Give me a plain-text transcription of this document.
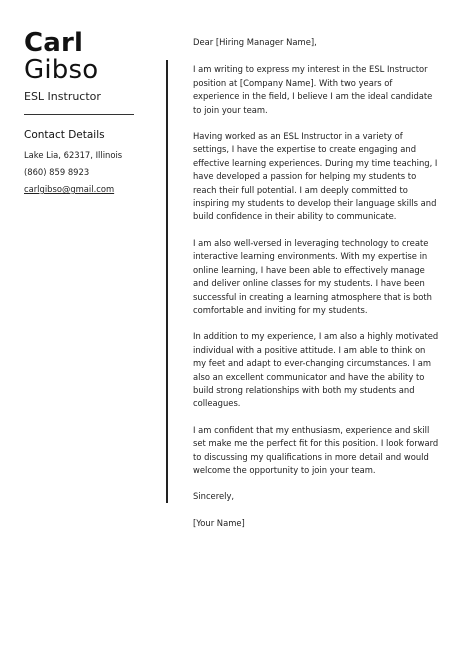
Carl
Gibso
ESL Instructor
Contact Details
Lake Lia, 62317, Illinois
(860) 859 8923
carlgibso@gmail.com

Dear [Hiring Manager Name],

I am writing to express my interest in the ESL Instructor position at [Company Name]. With two years of experience in the field, I believe I am the ideal candidate to join your team.

Having worked as an ESL Instructor in a variety of settings, I have the expertise to create engaging and effective learning experiences. During my time teaching, I have developed a passion for helping my students to reach their full potential. I am deeply committed to inspiring my students to develop their language skills and build confidence in their ability to communicate.

I am also well-versed in leveraging technology to create interactive learning environments. With my expertise in online learning, I have been able to effectively manage and deliver online classes for my students. I have been successful in creating a learning atmosphere that is both comfortable and inviting for my students.

In addition to my experience, I am also a highly motivated individual with a positive attitude. I am able to think on my feet and adapt to ever-changing circumstances. I am also an excellent communicator and have the ability to build strong relationships with both my students and colleagues.

I am confident that my enthusiasm, experience and skill set make me the perfect fit for this position. I look forward to discussing my qualifications in more detail and would welcome the opportunity to join your team.

Sincerely,

[Your Name]
